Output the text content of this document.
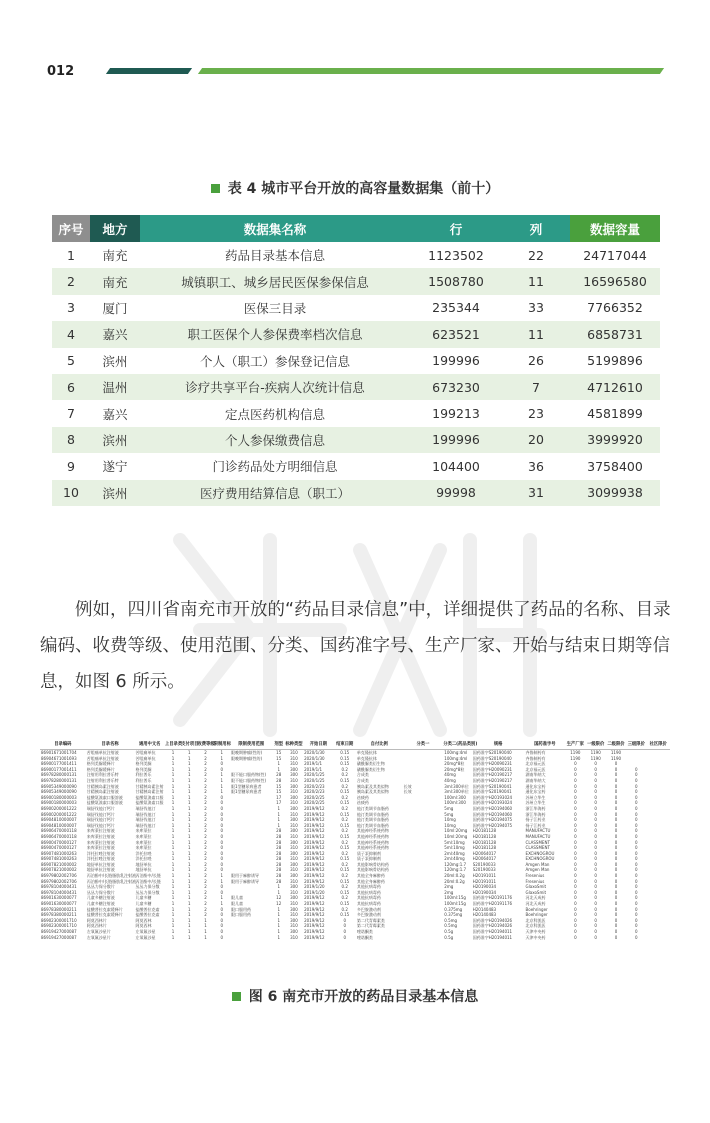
012
表 4 城市平台开放的高容量数据集（前十）
序号	地方	数据集名称	行	列	数据容量
1	南充	药品目录基本信息	1123502	22	24717044
2	南充	城镇职工、城乡居民医保参保信息	1508780	11	16596580
3	厦门	医保三目录	235344	33	7766352
4	嘉兴	职工医保个人参保费率档次信息	623521	11	6858731
5	滨州	个人（职工）参保登记信息	199996	26	5199896
6	温州	诊疗共享平台-疾病人次统计信息	673230	7	4712610
7	嘉兴	定点医药机构信息	199213	23	4581899
8	滨州	个人参保缴费信息	199996	20	3999920
9	遂宁	门诊药品处方明细信息	104400	36	3758400
10	滨州	医疗费用结算信息（职工）	99998	31	3099938

例如，四川省南充市开放的“药品目录信息”中，详细提供了药品的名称、目录编码、收费等级、使用范围、分类、国药准字号、生产厂家、开始与结束日期等信息，如图 6 所示。

目录编码	目录名称	通用中文名	上目录类	支付项目	收费等级	限制用标	限制使用范围	剂型	标种类型	开始日期	结束日期	自付比例	分类一	分类二(药品类别)	规格	国药准字号	生产厂家	一级限价	二级限价	三级限价	社区限价
86901671001704	苦咀痛单抗注射液	苦咀痛单抗	1	1	2	1	限晚期肿瘤(性的)	15	310	2020/1/30	0.15	单克隆抗体		100mg:4ml	国药准字S20190040	齐鲁制药有	1190	1190	1190		
86904671001693	苦咀痛单抗注射液	苦咀痛单抗	1	1	2	1	限晚期肿瘤(性的)	15	310	2020/1/30	0.15	单克隆抗体		100mg:4ml	国药准字S20190040	齐鲁制药有	1190	1190	1190		
86900177001411	格列美脲缓释片	格列美脲	1	1	2	0		1	310	2019/1/1	0.15	磺酰脲类衍生物		20mg*8粒	国药准字H20090231	北京福元医	0	0	0		
86900177001411	格列美脲缓释片	格列美脲	1	1	2	0		1	300	2019/1/1	0.2	磺酰脲类衍生物		20mg*8粒	国药准字H20090231	北京福元医	0	0	0	0	
86978280000131	注射用利拉普乐特	利拉普乐	1	1	2	1	限不能口服药物(性)	28	300	2020/1/25	0.2	合成类		40mg	国药准字H20190217	湖南华纳大	0	0	0	0	
86978280000131	注射用利拉普乐特	利拉普乐	1	1	2	1	限不能口服药物(性)	28	310	2020/1/25	0.15	合成类		40mg	国药准字H20190217	湖南华纳大	0	0	0	0	
86905349000090	甘精胰岛素注射液	甘精胰岛素注射	1	1	2	1	限1型糖尿病患者	15	300	2020/2/23	0.2	胰岛素及其类似物	长效	3ml:300单位	国药准字S20190041	通化东宝药	0	0	0	0	
86905349000090	甘精胰岛素注射液	甘精胰岛素注射	1	1	2	1	限1型糖尿病患者	15	310	2020/2/23	0.15	胰岛素及其类似物	长效	3ml:300单位	国药准字S20190041	通化东宝药	0	0	0	0	
86900180000003	盐酸氨溴索口服溶液	盐酸氨溴索口服	1	1	2	0		17	300	2020/2/25	0.2	祛痰药		100ml:300	国药准字H20193024	苏州立华生	0	0	0	0	
86900180000003	盐酸氨溴索口服溶液	盐酸氨溴索口服	1	1	2	0		17	310	2020/2/25	0.15	祛痰药		100ml:300	国药准字H20193024	苏州立华生	0	0	0	0	
86900200001222	瑞舒伐他汀钙片	瑞舒伐他汀	1	1	2	0		1	300	2019/9/12	0.2	他汀类调节血脂药		5mg	国药准字H20194060	浙江华海药	0	0	0	0	
86900200001222	瑞舒伐他汀钙片	瑞舒伐他汀	1	1	2	0		1	310	2019/9/12	0.15	他汀类调节血脂药		5mg	国药准字H20194060	浙江华海药	0	0	0	0	
86904810000007	瑞舒伐他汀钙片	瑞舒伐他汀	1	1	2	0		1	300	2019/9/12	0.2	他汀类调节血脂药		10mg	国药准字H20194075	扬子江药业	0	0	0	0	
86904810000007	瑞舒伐他汀钙片	瑞舒伐他汀	1	1	2	0		1	310	2019/9/12	0.15	他汀类调节血脂药		10mg	国药准字H20194075	扬子江药业	0	0	0	0	
86906470000118	来库莱拉注射液	来库莱拉	1	1	2	0		28	300	2019/9/12	0.2	其他神经系统药物		10ml:20mg	H20181128	MANUFACTU	0	0	0	0	
86906470000118	来库莱拉注射液	来库莱拉	1	1	2	0		28	310	2019/9/12	0.15	其他神经系统药物		10ml:20mg	H20181128	MANUFACTU	0	0	0	0	
86900470000127	来库莱拉注射液	来库莱拉	1	1	2	0		28	300	2019/9/12	0.2	其他神经系统药物		5ml:10mg	H20181128	CLASSMENT	0	0	0	0	
86900470000127	来库莱拉注射液	来库莱拉	1	1	2	0		28	310	2019/9/12	0.15	其他神经系统药物		5ml:10mg	H20181128	CLASSMENT	0	0	0	0	
86907481000263	泮托拉唑注射液	泮托拉唑	1	1	2	0		28	300	2019/9/12	0.2	质子泵抑制剂		2ml:40mg	H20064017	EXCHNOGROU	0	0	0	0	
86907481000263	泮托拉唑注射液	泮托拉唑	1	1	2	0		28	310	2019/9/12	0.15	质子泵抑制剂		2ml:40mg	H20064017	EXCHNOGROU	0	0	0	0	
86907821000002	地舒单抗注射液	地舒单抗	1	1	2	0		28	300	2019/9/12	0.2	其他影响骨结构药		120mg:1.7	S20190033	Amgen Man	0	0	0	0	
86907821000002	地舒单抗注射液	地舒单抗	1	1	2	0		28	310	2019/9/12	0.15	其他影响骨结构药		120mg:1.7	S20190033	Amgen Man	0	0	0	0	
86979802002706	丙泊酚中/长链脂肪乳注射液	丙泊酚中/长链	1	1	2	1	限用于麻醉诱导	28	300	2019/9/12	0.2	其他全身麻醉药		20ml:0.2g	H20191011	Fresenius	0	0	0	0	
86979802002706	丙泊酚中/长链脂肪乳注射液	丙泊酚中/长链	1	1	2	1	限用于麻醉诱导	28	310	2019/9/12	0.15	其他全身麻醉药		20ml:0.2g	H20191011	Fresenius	0	0	0	0	
86978104000431	丛丛力保分散片	丛丛力保分散	1	1	2	0		1	300	2019/1/20	0.2	其他抗病毒药		2mg	H20190034	GlaxoSmit	0	0	0	0	
86978104000431	丛丛力保分散片	丛丛力保分散	1	1	2	0		1	310	2019/1/20	0.15	其他抗病毒药		2mg	H20190034	GlaxoSmit	0	0	0	0	
86901630000077	儿童多糖注射液	儿童多糖	1	1	2	1	限儿童	12	300	2019/9/12	0.2	其他抗病毒药		100ml:15g	国药准字H20191176	河北天成药	0	0	0	0	
86901630000077	儿童多糖注射液	儿童多糖	1	1	2	1	限儿童	12	310	2019/9/12	0.15	其他抗病毒药		100ml:15g	国药准字H20191176	河北天成药	0	0	0	0	
86978380000211	盐酸普拉克索缓释片	盐酸普拉克索	1	1	2	0	限口服用药	1	300	2019/9/12	0.2	多巴胺激动剂		0.375mg	H20140483	Boehringer	0	0	0	0	
86978380000211	盐酸普拉克索缓释片	盐酸普拉克索	1	1	2	0	限口服用药	1	310	2019/9/12	0.15	多巴胺激动剂		0.375mg	H20140483	Boehringer	0	0	0	0	
86902300001710	阿莫西林片	阿莫西林	1	1	1	0		1	300	2019/9/12	0	第二代青霉素类		0.5mg	国药准字H20194026	北京科凯医	0	0	0	0	
86902300001710	阿莫西林片	阿莫西林	1	1	1	0		1	310	2019/9/12	0	第二代青霉素类		0.5mg	国药准字H20194026	北京科凯医	0	0	0	0	
86919427000087	左氧氟沙星片	左氧氟沙星	1	1	1	0		1	300	2019/9/12	0	喹诺酮类		0.5g	国药准字H20194011	天津中央药	0	0	0	0	
86919427000087	左氧氟沙星片	左氧氟沙星	1	1	1	0		1	310	2019/9/12	0	喹诺酮类		0.5g	国药准字H20194011	天津中央药	0	0	0	0	
图 6 南充市开放的药品目录基本信息
